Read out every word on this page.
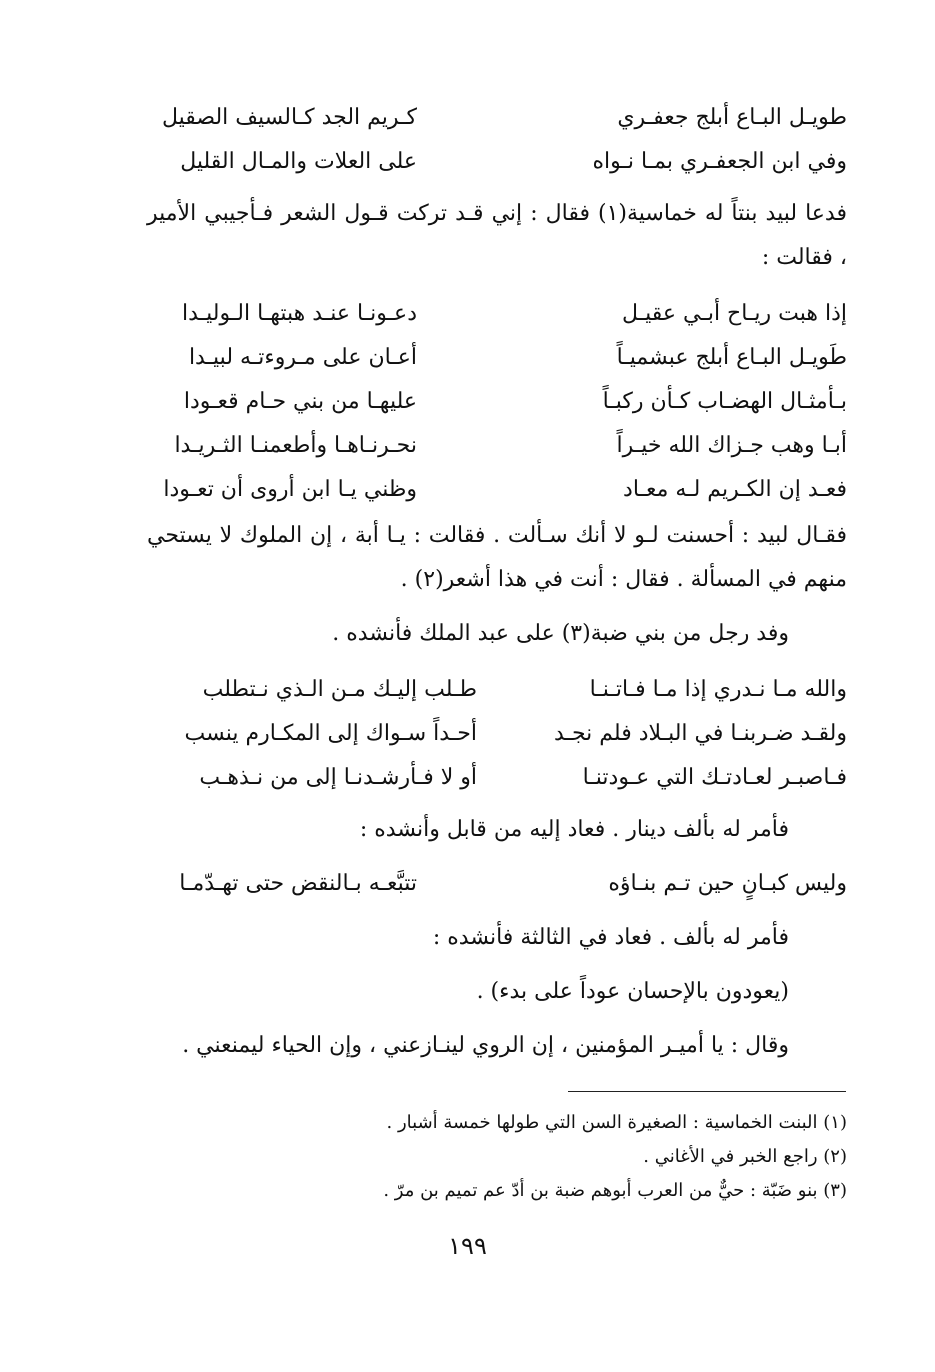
طويـل البـاع أبلج جعفـري
كـريم الجد كـالسيف الصقيل
وفي ابن الجعفـري بمـا نـواه
على العلات والمـال القليل

فدعا لبيد بنتاً له خماسية(١) فقال : إني قـد تركت قـول الشعر فـأجيبي الأمير ، فقالت :

إذا هبت ريـاح أبـي عقيـل
دعـونـا عنـد هبتهـا الـوليـدا
طَويـل البـاع أبلج عبشميـاً
أعـان على مـروءتـه لبيـدا
بـأمثـال الهضـاب كـأن ركبـاً
عليهـا من بني حـام قعـودا
أبـا وهب جـزاك الله خيـراً
نحـرنـاهـا وأطعمنـا الثـريـدا
فعـد إن الكـريم لـه معـاد
وظني يـا ابن أروى أن تعـودا

فقـال لبيد : أحسنت لـو لا أنك سـألت . فقالت : يـا أبة ، إن الملوك لا يستحي منهم في المسألة . فقال : أنت في هذا أشعر(٢) .

وفد رجل من بني ضبة(٣) على عبد الملك فأنشده .

والله مـا نـدري إذا مـا فـاتـنـا
طـلب إليـك مـن الـذي نـتطلب
ولقـد ضـربنـا في البـلاد فلم نجـد
أحـداً سـواك إلى المكـارم ينسب
فـاصبـر لعـادتـك التي عـودتنـا
أو لا فـأرشـدنـا إلى من نـذهـب

فأمر له بألف دينار . فعاد إليه من قابل وأنشده :

وليس كبـانٍ حين تـم بنـاؤه
تتبَّعـه بـالنقض حتى تهـدّمـا

فأمر له بألف . فعاد في الثالثة فأنشده :

(يعودون بالإحسان عوداً على بدء) .

وقال : يا أميـر المؤمنين ، إن الروي لينـازعني ، وإن الحياء ليمنعني .

(١) البنت الخماسية : الصغيرة السن التي طولها خمسة أشبار .
(٢) راجع الخبر في الأغاني .
(٣) بنو ضَبّة : حيٌّ من العرب أبوهم ضبة بن أدّ عم تميم بن مرّ .
١٩٩
